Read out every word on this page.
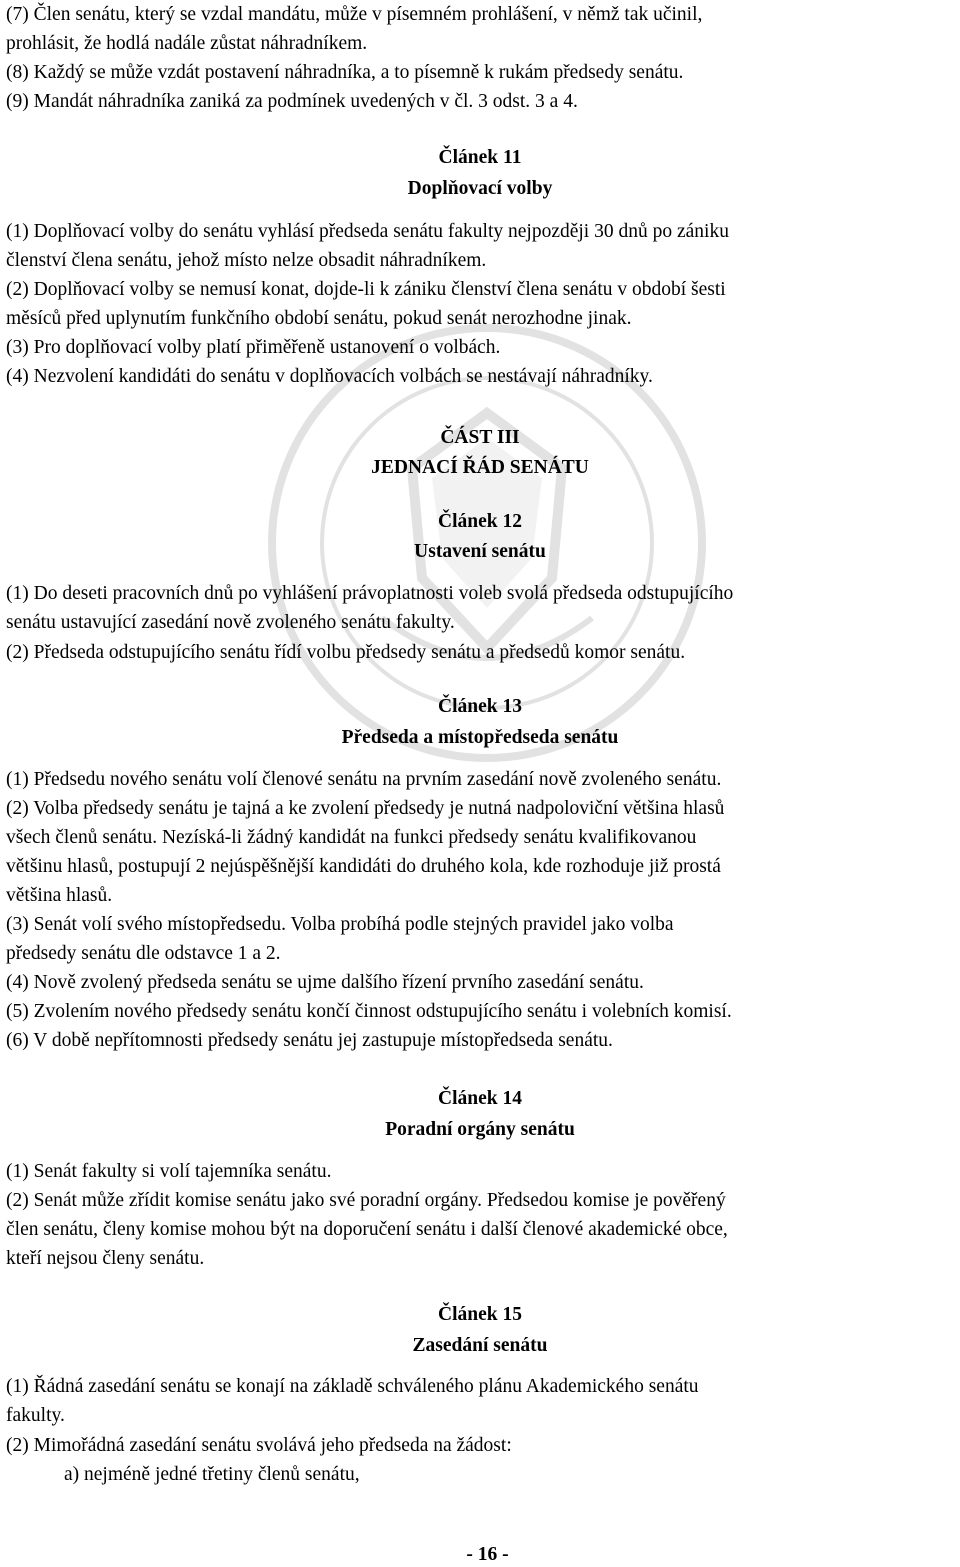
(7) Člen senátu, který se vzdal mandátu, může v písemném prohlášení, v němž tak učinil,
prohlásit, že hodlá nadále zůstat náhradníkem.

(8) Každý se může vzdát postavení náhradníka, a to písemně k rukám předsedy senátu.

(9) Mandát náhradníka zaniká za podmínek uvedených v čl. 3 odst. 3 a 4.

Článek 11
Doplňovací volby

(1) Doplňovací volby do senátu vyhlásí předseda senátu fakulty nejpozději 30 dnů po zániku
členství člena senátu, jehož místo nelze obsadit náhradníkem.

(2) Doplňovací volby se nemusí konat, dojde-li k zániku členství člena senátu v období šesti
měsíců před uplynutím funkčního období senátu, pokud senát nerozhodne jinak.

(3) Pro doplňovací volby platí přiměřeně ustanovení o volbách.

(4) Nezvolení kandidáti do senátu v doplňovacích volbách se nestávají náhradníky.

ČÁST III
JEDNACÍ ŘÁD SENÁTU
Článek 12
Ustavení senátu

(1) Do deseti pracovních dnů po vyhlášení právoplatnosti voleb svolá předseda odstupujícího
senátu ustavující zasedání nově zvoleného senátu fakulty.

(2) Předseda odstupujícího senátu řídí volbu předsedy senátu a předsedů komor senátu.

Článek 13
Předseda a místopředseda senátu

(1) Předsedu nového senátu volí členové senátu na prvním zasedání nově zvoleného senátu.

(2) Volba předsedy senátu je tajná a ke zvolení předsedy je nutná nadpoloviční většina hlasů
všech členů senátu. Nezíská-li žádný kandidát na funkci předsedy senátu kvalifikovanou
většinu hlasů, postupují 2 nejúspěšnější kandidáti do druhého kola, kde rozhoduje již prostá
většina hlasů.

(3) Senát volí svého místopředsedu. Volba probíhá podle stejných pravidel jako volba
předsedy senátu dle odstavce 1 a 2.

(4) Nově zvolený předseda senátu se ujme dalšího řízení prvního zasedání senátu.

(5) Zvolením nového předsedy senátu končí činnost odstupujícího senátu i volebních komisí.

(6) V době nepřítomnosti předsedy senátu jej zastupuje místopředseda senátu.

Článek 14
Poradní orgány senátu

(1) Senát fakulty si volí tajemníka senátu.

(2) Senát může zřídit komise senátu jako své poradní orgány. Předsedou komise je pověřený
člen senátu, členy komise mohou být na doporučení senátu i další členové akademické obce,
kteří nejsou členy senátu.

Článek 15
Zasedání senátu

(1) Řádná zasedání senátu se konají na základě schváleného plánu Akademického senátu
fakulty.

(2) Mimořádná zasedání senátu svolává jeho předseda na žádost:

a) nejméně jedné třetiny členů senátu,
- 16 -
